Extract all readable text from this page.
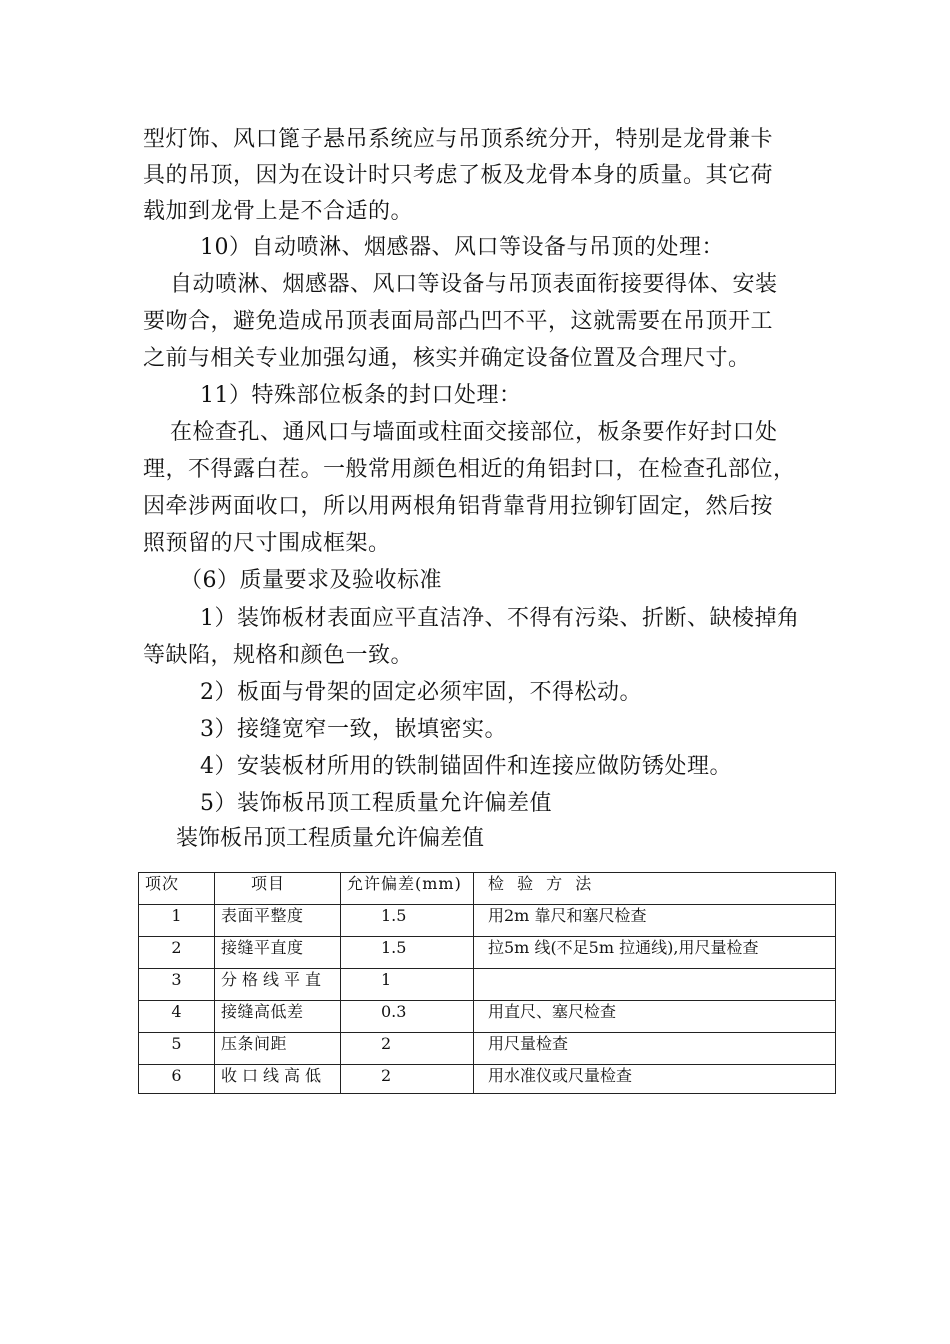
型灯饰、风口篦子悬吊系统应与吊顶系统分开，特别是龙骨兼卡
具的吊顶，因为在设计时只考虑了板及龙骨本身的质量。其它荷
载加到龙骨上是不合适的。
10）自动喷淋、烟感器、风口等设备与吊顶的处理：
自动喷淋、烟感器、风口等设备与吊顶表面衔接要得体、安装
要吻合，避免造成吊顶表面局部凸凹不平，这就需要在吊顶开工
之前与相关专业加强勾通，核实并确定设备位置及合理尺寸。
11）特殊部位板条的封口处理：
在检查孔、通风口与墙面或柱面交接部位，板条要作好封口处
理，不得露白茬。一般常用颜色相近的角铝封口，在检查孔部位，
因牵涉两面收口，所以用两根角铝背靠背用拉铆钉固定，然后按
照预留的尺寸围成框架。
（6）质量要求及验收标准
1）装饰板材表面应平直洁净、不得有污染、折断、缺棱掉角
等缺陷，规格和颜色一致。
2）板面与骨架的固定必须牢固，不得松动。
3）接缝宽窄一致，嵌填密实。
4）安装板材所用的铁制锚固件和连接应做防锈处理。
5）装饰板吊顶工程质量允许偏差值
装饰板吊顶工程质量允许偏差值
项次	项目	允许偏差(mm)	检 验 方 法
1	表面平整度	1.5	用2m 靠尺和塞尺检查
2	接缝平直度	1.5	拉5m 线(不足5m 拉通线),用尺量检查
3	分格线平直	1	
4	接缝高低差	0.3	用直尺、塞尺检查
5	压条间距	2	用尺量检查
6	收口线高低	2	用水准仪或尺量检查
